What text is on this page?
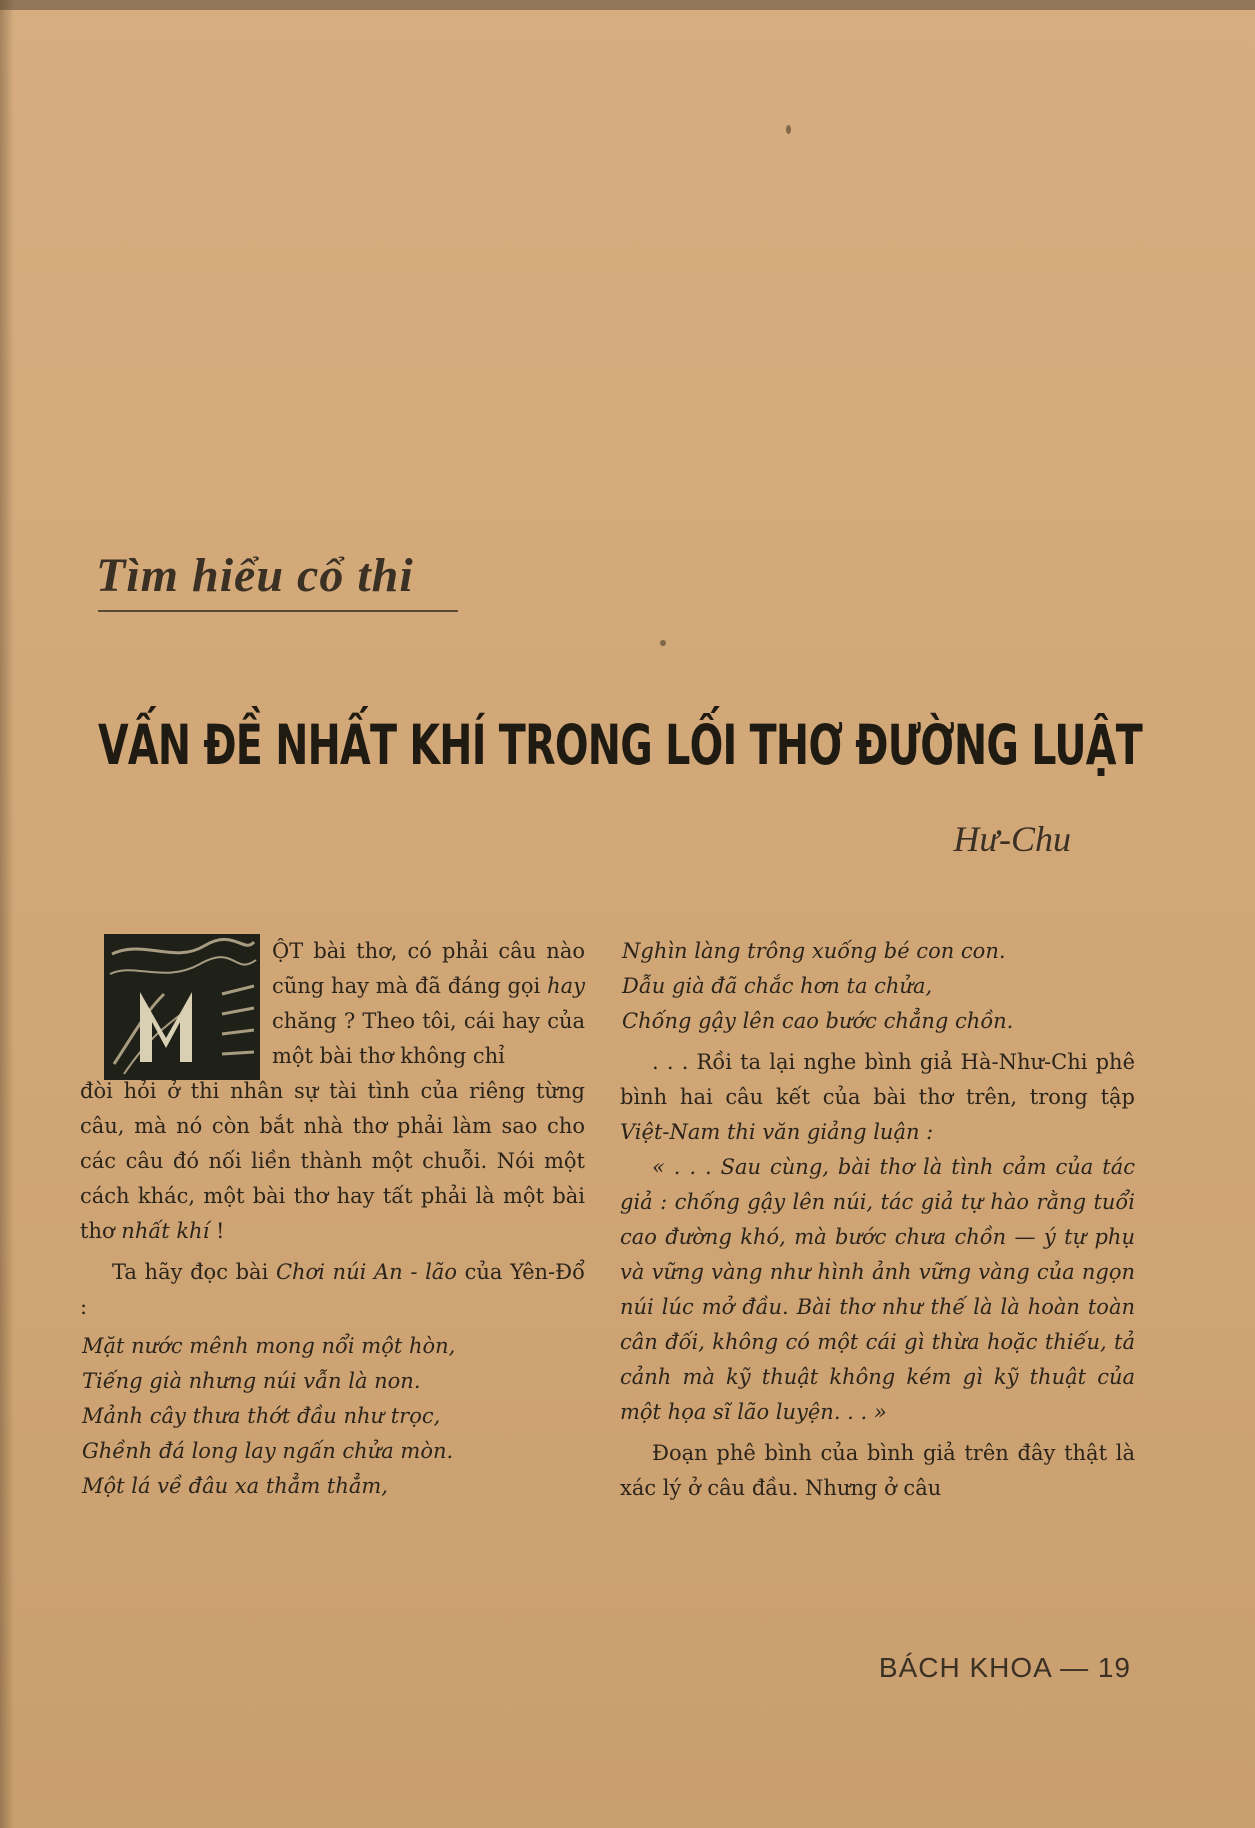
Tìm hiểu cổ thi
VẤN ĐỀ NHẤT KHÍ TRONG LỐI THƠ ĐƯỜNG LUẬT

Hư-Chu

ỘT bài thơ, có phải câu nào cũng hay mà đã đáng gọi hay chăng ? Theo tôi, cái hay của một bài thơ không chỉ

đòi hỏi ở thi nhân sự tài tình của riêng từng câu, mà nó còn bắt nhà thơ phải làm sao cho các câu đó nối liền thành một chuỗi. Nói một cách khác, một bài thơ hay tất phải là một bài thơ nhất khí !

Ta hãy đọc bài Chơi núi An - lão của Yên-Đổ :

Mặt nước mênh mong nổi một hòn,

Tiếng già nhưng núi vẫn là non.

Mảnh cây thưa thớt đầu như trọc,

Ghềnh đá long lay ngấn chửa mòn.

Một lá về đâu xa thẳm thẳm,

Nghìn làng trông xuống bé con con.

Dẫu già đã chắc hơn ta chửa,

Chống gậy lên cao bước chẳng chồn.

. . . Rồi ta lại nghe bình giả Hà-Như-Chi phê bình hai câu kết của bài thơ trên, trong tập Việt-Nam thi văn giảng luận :

« . . . Sau cùng, bài thơ là tình cảm của tác giả : chống gậy lên núi, tác giả tự hào rằng tuổi cao đường khó, mà bước chưa chồn — ý tự phụ và vững vàng như hình ảnh vững vàng của ngọn núi lúc mở đầu. Bài thơ như thế là là hoàn toàn cân đối, không có một cái gì thừa hoặc thiếu, tả cảnh mà kỹ thuật không kém gì kỹ thuật của một họa sĩ lão luyện. . . »

Đoạn phê bình của bình giả trên đây thật là xác lý ở câu đầu. Nhưng ở câu

BÁCH KHOA — 19
